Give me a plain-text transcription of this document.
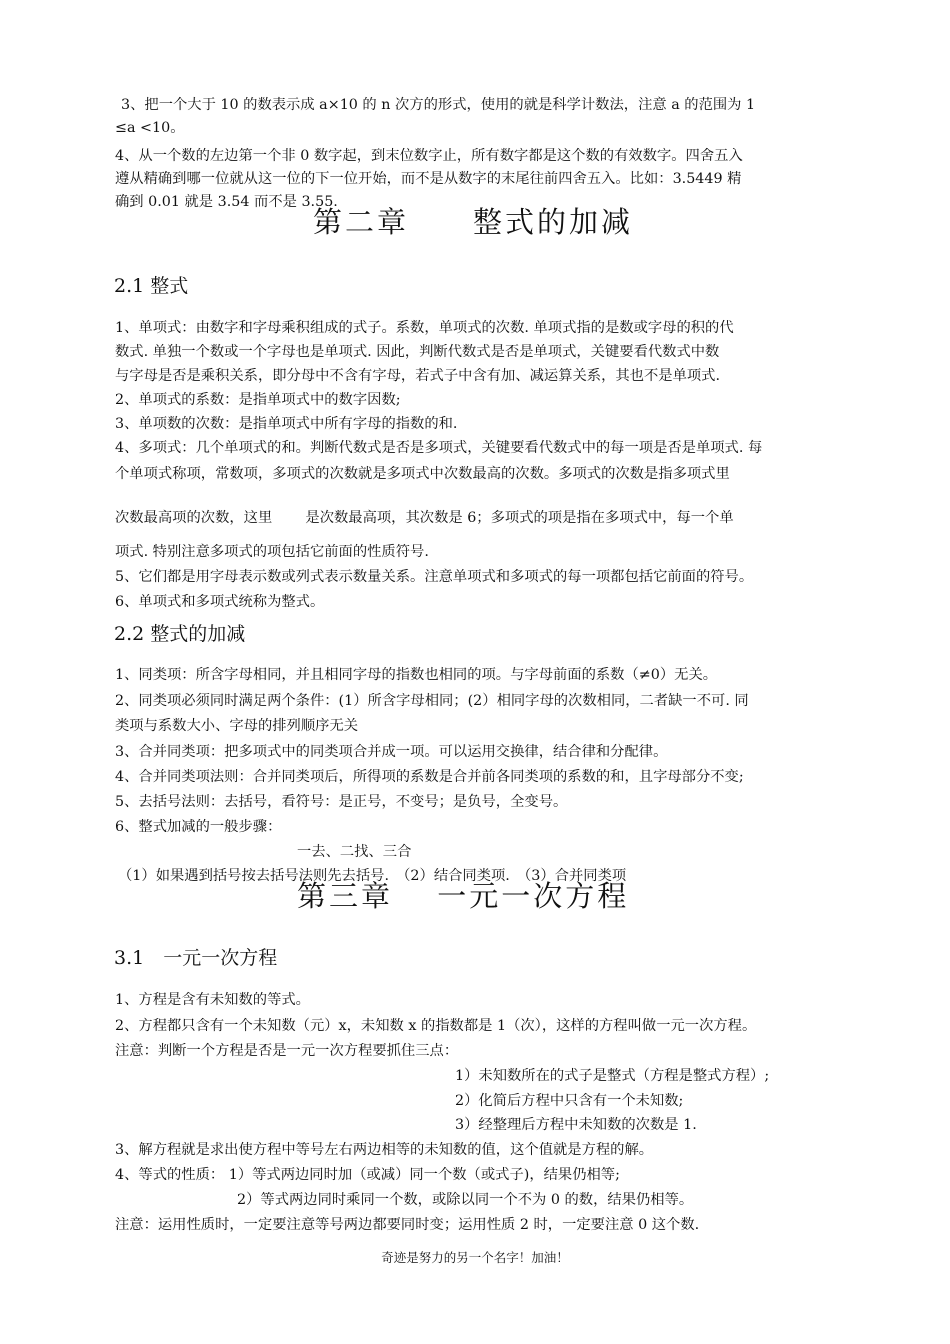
3、把一个大于 10 的数表示成 a×10 的 n 次方的形式，使用的就是科学计数法，注意 a 的范围为 1

≤a <10。

4、从一个数的左边第一个非 0 数字起，到末位数字止，所有数字都是这个数的有效数字。四舍五入

遵从精确到哪一位就从这一位的下一位开始，而不是从数字的末尾往前四舍五入。比如：3.5449 精

确到 0.01 就是 3.54 而不是 3.55.

第二章　　整式的加减
2.1 整式

1、单项式：由数字和字母乘积组成的式子。系数，单项式的次数. 单项式指的是数或字母的积的代

数式. 单独一个数或一个字母也是单项式. 因此，判断代数式是否是单项式，关键要看代数式中数

与字母是否是乘积关系，即分母中不含有字母，若式子中含有加、减运算关系，其也不是单项式.

2、单项式的系数：是指单项式中的数字因数;

3、单项数的次数：是指单项式中所有字母的指数的和.

4、多项式：几个单项式的和。判断代数式是否是多项式，关键要看代数式中的每一项是否是单项式. 每

个单项式称项，常数项，多项式的次数就是多项式中次数最高的次数。多项式的次数是指多项式里

次数最高项的次数，这里　　 是次数最高项，其次数是 6；多项式的项是指在多项式中，每一个单

项式. 特别注意多项式的项包括它前面的性质符号.

5、它们都是用字母表示数或列式表示数量关系。注意单项式和多项式的每一项都包括它前面的符号。

6、单项式和多项式统称为整式。

2.2 整式的加减

1、同类项：所含字母相同，并且相同字母的指数也相同的项。与字母前面的系数（≠0）无关。

2、同类项必须同时满足两个条件：(1）所含字母相同；(2）相同字母的次数相同，二者缺一不可. 同

类项与系数大小、字母的排列顺序无关

3、合并同类项：把多项式中的同类项合并成一项。可以运用交换律，结合律和分配律。

4、合并同类项法则：合并同类项后，所得项的系数是合并前各同类项的系数的和，且字母部分不变;

5、去括号法则：去括号，看符号：是正号，不变号；是负号，全变号。

6、整式加减的一般步骤：

一去、二找、三合

（1）如果遇到括号按去括号法则先去括号.　（2）结合同类项.　（3）合并同类项

第三章　 一元一次方程
3.1　一元一次方程

1、方程是含有未知数的等式。

2、方程都只含有一个未知数（元）x，未知数 x 的指数都是 1（次），这样的方程叫做一元一次方程。

注意：判断一个方程是否是一元一次方程要抓住三点：

1）未知数所在的式子是整式（方程是整式方程）;

2）化简后方程中只含有一个未知数;

3）经整理后方程中未知数的次数是 1.

3、解方程就是求出使方程中等号左右两边相等的未知数的值，这个值就是方程的解。

4、等式的性质： 1）等式两边同时加（或减）同一个数（或式子)，结果仍相等;

2）等式两边同时乘同一个数，或除以同一个不为 0 的数，结果仍相等。

注意：运用性质时，一定要注意等号两边都要同时变；运用性质 2 时，一定要注意 0 这个数.

奇迹是努力的另一个名字！加油！
